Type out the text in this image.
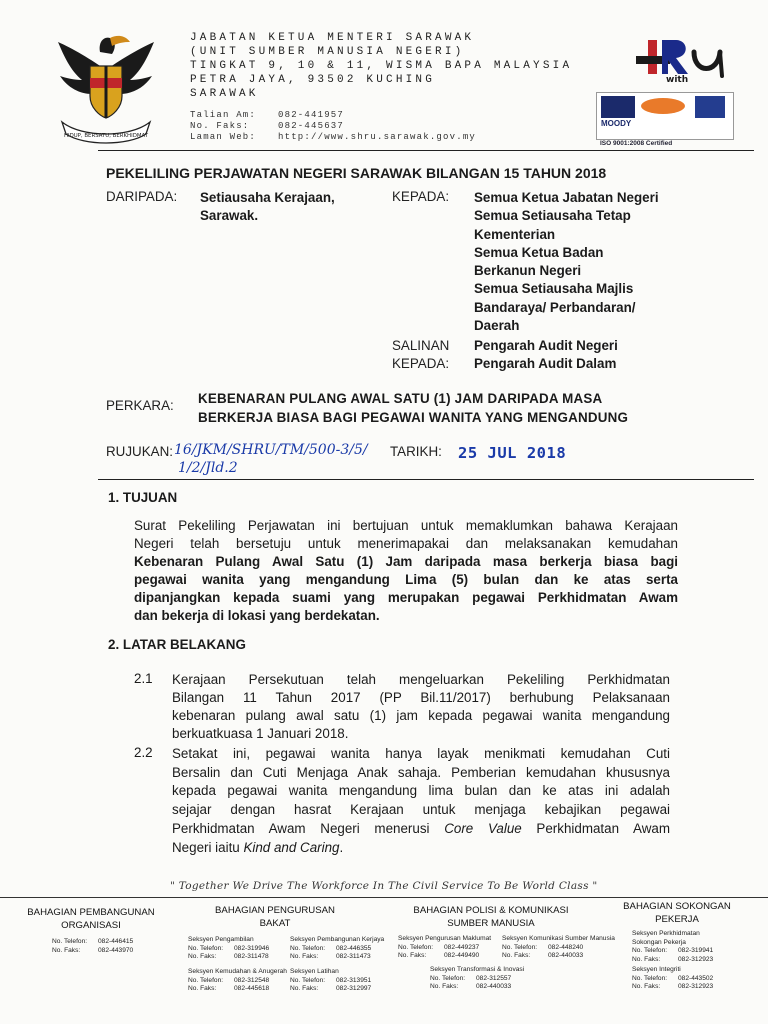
HIDUP, BERSATU, BERKHIDMAT
JABATAN KETUA MENTERI SARAWAK
(UNIT SUMBER MANUSIA NEGERI)
TINGKAT 9, 10 & 11, WISMA BAPA MALAYSIA
PETRA JAYA, 93502 KUCHING
SARAWAK
Talian Am: 082-441957
No. Faks:	082-445637
Laman Web: http://www.shru.sarawak.gov.my
with
MOODY
ISO 9001:2008 Certified
PEKELILING PERJAWATAN NEGERI SARAWAK BILANGAN 15 TAHUN 2018
DARIPADA: Setiausaha Kerajaan,
Sarawak.
KEPADA: Semua Ketua Jabatan Negeri
Semua Setiausaha Tetap
Kementerian
Semua Ketua Badan
Berkanun Negeri
Semua Setiausaha Majlis
Bandaraya/ Perbandaran/
Daerah
SALINAN
KEPADA:
Pengarah Audit Negeri
Pengarah Audit Dalam
PERKARA: KEBENARAN PULANG AWAL SATU (1) JAM DARIPADA MASA
BERKERJA BIASA BAGI PEGAWAI WANITA YANG MENGANDUNG
RUJUKAN: 16/JKM/SHRU/TM/500-3/5/
1/2/Jld.2
TARIKH: 25 JUL 2018
1. TUJUAN
Surat Pekeliling Perjawatan ini bertujuan untuk memaklumkan bahawa Kerajaan
Negeri telah bersetuju untuk menerimapakai dan melaksanakan kemudahan
Kebenaran Pulang Awal Satu (1) Jam daripada masa berkerja biasa bagi
pegawai wanita yang mengandung Lima (5) bulan dan ke atas serta
dipanjangkan kepada suami yang merupakan pegawai Perkhidmatan Awam
dan bekerja di lokasi yang berdekatan.
2. LATAR BELAKANG
2.1 Kerajaan Persekutuan telah mengeluarkan Pekeliling Perkhidmatan
Bilangan 11 Tahun 2017 (PP Bil.11/2017) berhubung Pelaksanaan
kebenaran pulang awal satu (1) jam kepada pegawai wanita mengandung
berkuatkuasa 1 Januari 2018.
2.2 Setakat ini, pegawai wanita hanya layak menikmati kemudahan Cuti
Bersalin dan Cuti Menjaga Anak sahaja. Pemberian kemudahan khususnya
kepada pegawai wanita mengandung lima bulan dan ke atas ini adalah
sejajar dengan hasrat Kerajaan untuk menjaga kebajikan pegawai
Perkhidmatan Awam Negeri menerusi Core Value Perkhidmatan Awam
Negeri iaitu Kind and Caring.
" Together We Drive The Workforce In The Civil Service To Be World Class "
BAHAGIAN PEMBANGUNAN
ORGANISASI
No. Telefon: 082-446415
No. Faks:	082-443970
BAHAGIAN PENGURUSAN
BAKAT
Seksyen Pengambilan
No. Telefon: 082-319946
No. Faks:	082-311478
Seksyen Pembangunan Kerjaya
No. Telefon: 082-446355
No. Faks:	082-311473
Seksyen Kemudahan & Anugerah
No. Telefon: 082-312548
No. Faks:	082-445618
Seksyen Latihan
No. Telefon: 082-313951
No. Faks:	082-312997
BAHAGIAN POLISI & KOMUNIKASI
SUMBER MANUSIA
Seksyen Pengurusan Maklumat
No. Telefon: 082-449237
No. Faks:	082-449490
Seksyen Komunikasi Sumber Manusia
No. Telefon: 082-448240
No. Faks:	082-440033
Seksyen Transformasi & Inovasi
No. Telefon: 082-312557
No. Faks:	082-440033
BAHAGIAN SOKONGAN
PEKERJA
Seksyen Perkhidmatan
Sokongan Pekerja
No. Telefon: 082-319941
No. Faks:	082-312923
Seksyen Integriti
No. Telefon: 082-443502
No. Faks:	082-312923
